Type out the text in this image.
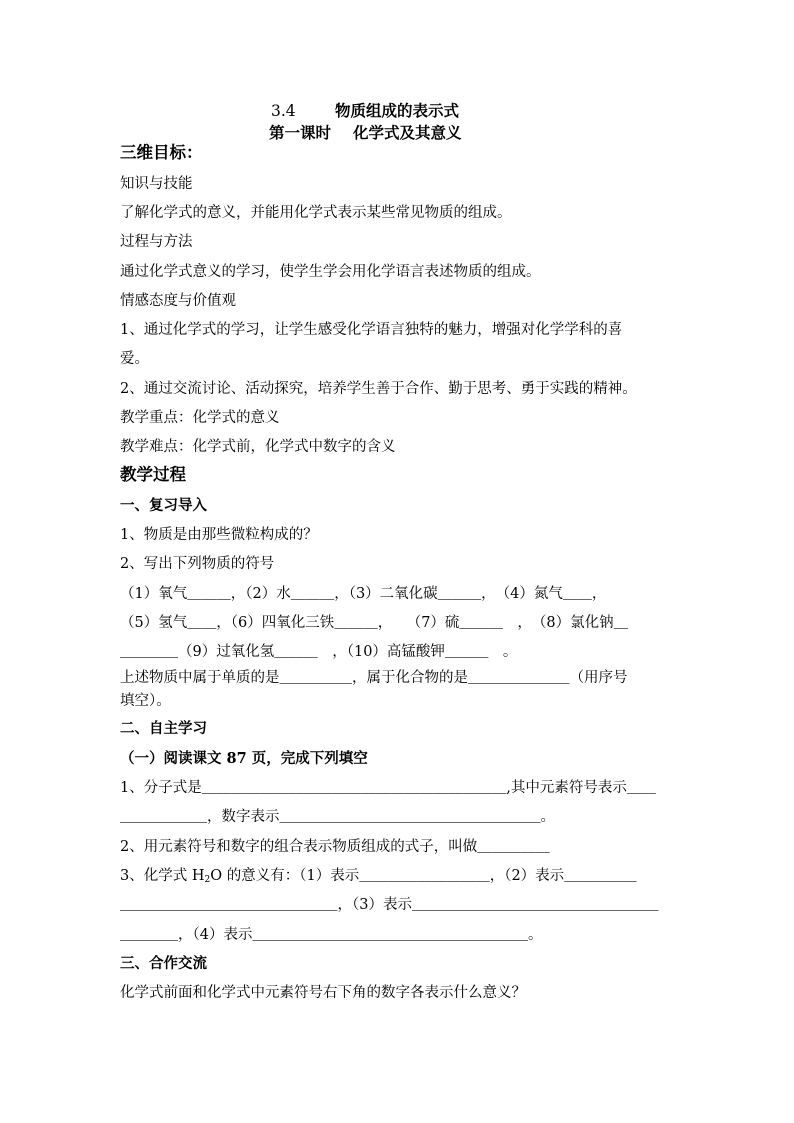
3.4	物质组成的表示式
第一课时 化学式及其意义
三维目标：
知识与技能
了解化学式的意义，并能用化学式表示某些常见物质的组成。
过程与方法
通过化学式意义的学习，使学生学会用化学语言表述物质的组成。
情感态度与价值观
1、通过化学式的学习，让学生感受化学语言独特的魅力，增强对化学学科的喜
爱。
2、通过交流讨论、活动探究，培养学生善于合作、勤于思考、勇于实践的精神。
教学重点：化学式的意义
教学难点：化学式前，化学式中数字的含义
教学过程
一、复习导入
1、物质是由那些微粒构成的？
2、写出下列物质的符号
（1）氧气＿＿＿，（2）水＿＿＿，（3）二氧化碳＿＿＿，　（4）氮气＿＿，
（5）氢气＿＿，（6）四氧化三铁＿＿＿，　　（7）硫＿＿＿　，　（8）氯化钠＿
＿＿＿＿（9）过氧化氢＿＿＿　，（10）高锰酸钾＿＿＿　。
上述物质中属于单质的是＿＿＿＿＿，属于化合物的是＿＿＿＿＿＿＿（用序号
填空）。
二、自主学习
（一）阅读课文 87 页，完成下列填空
1、分子式是＿＿＿＿＿＿＿＿＿＿＿＿＿＿＿＿＿＿＿＿＿,其中元素符号表示＿＿
＿＿＿＿＿＿，数字表示＿＿＿＿＿＿＿＿＿＿＿＿＿＿＿＿＿＿。
2、用元素符号和数字的组合表示物质组成的式子，叫做＿＿＿＿＿
3、化学式 $H_2O$ 的意义有：（1）表示＿＿＿＿＿＿＿＿＿，（2）表示＿＿＿＿＿
＿＿＿＿＿＿＿＿＿＿＿＿＿＿＿，（3）表示＿＿＿＿＿＿＿＿＿＿＿＿＿＿＿＿＿
＿＿＿＿，（4）表示＿＿＿＿＿＿＿＿＿＿＿＿＿＿＿＿＿＿＿。
三、合作交流
化学式前面和化学式中元素符号右下角的数字各表示什么意义？
